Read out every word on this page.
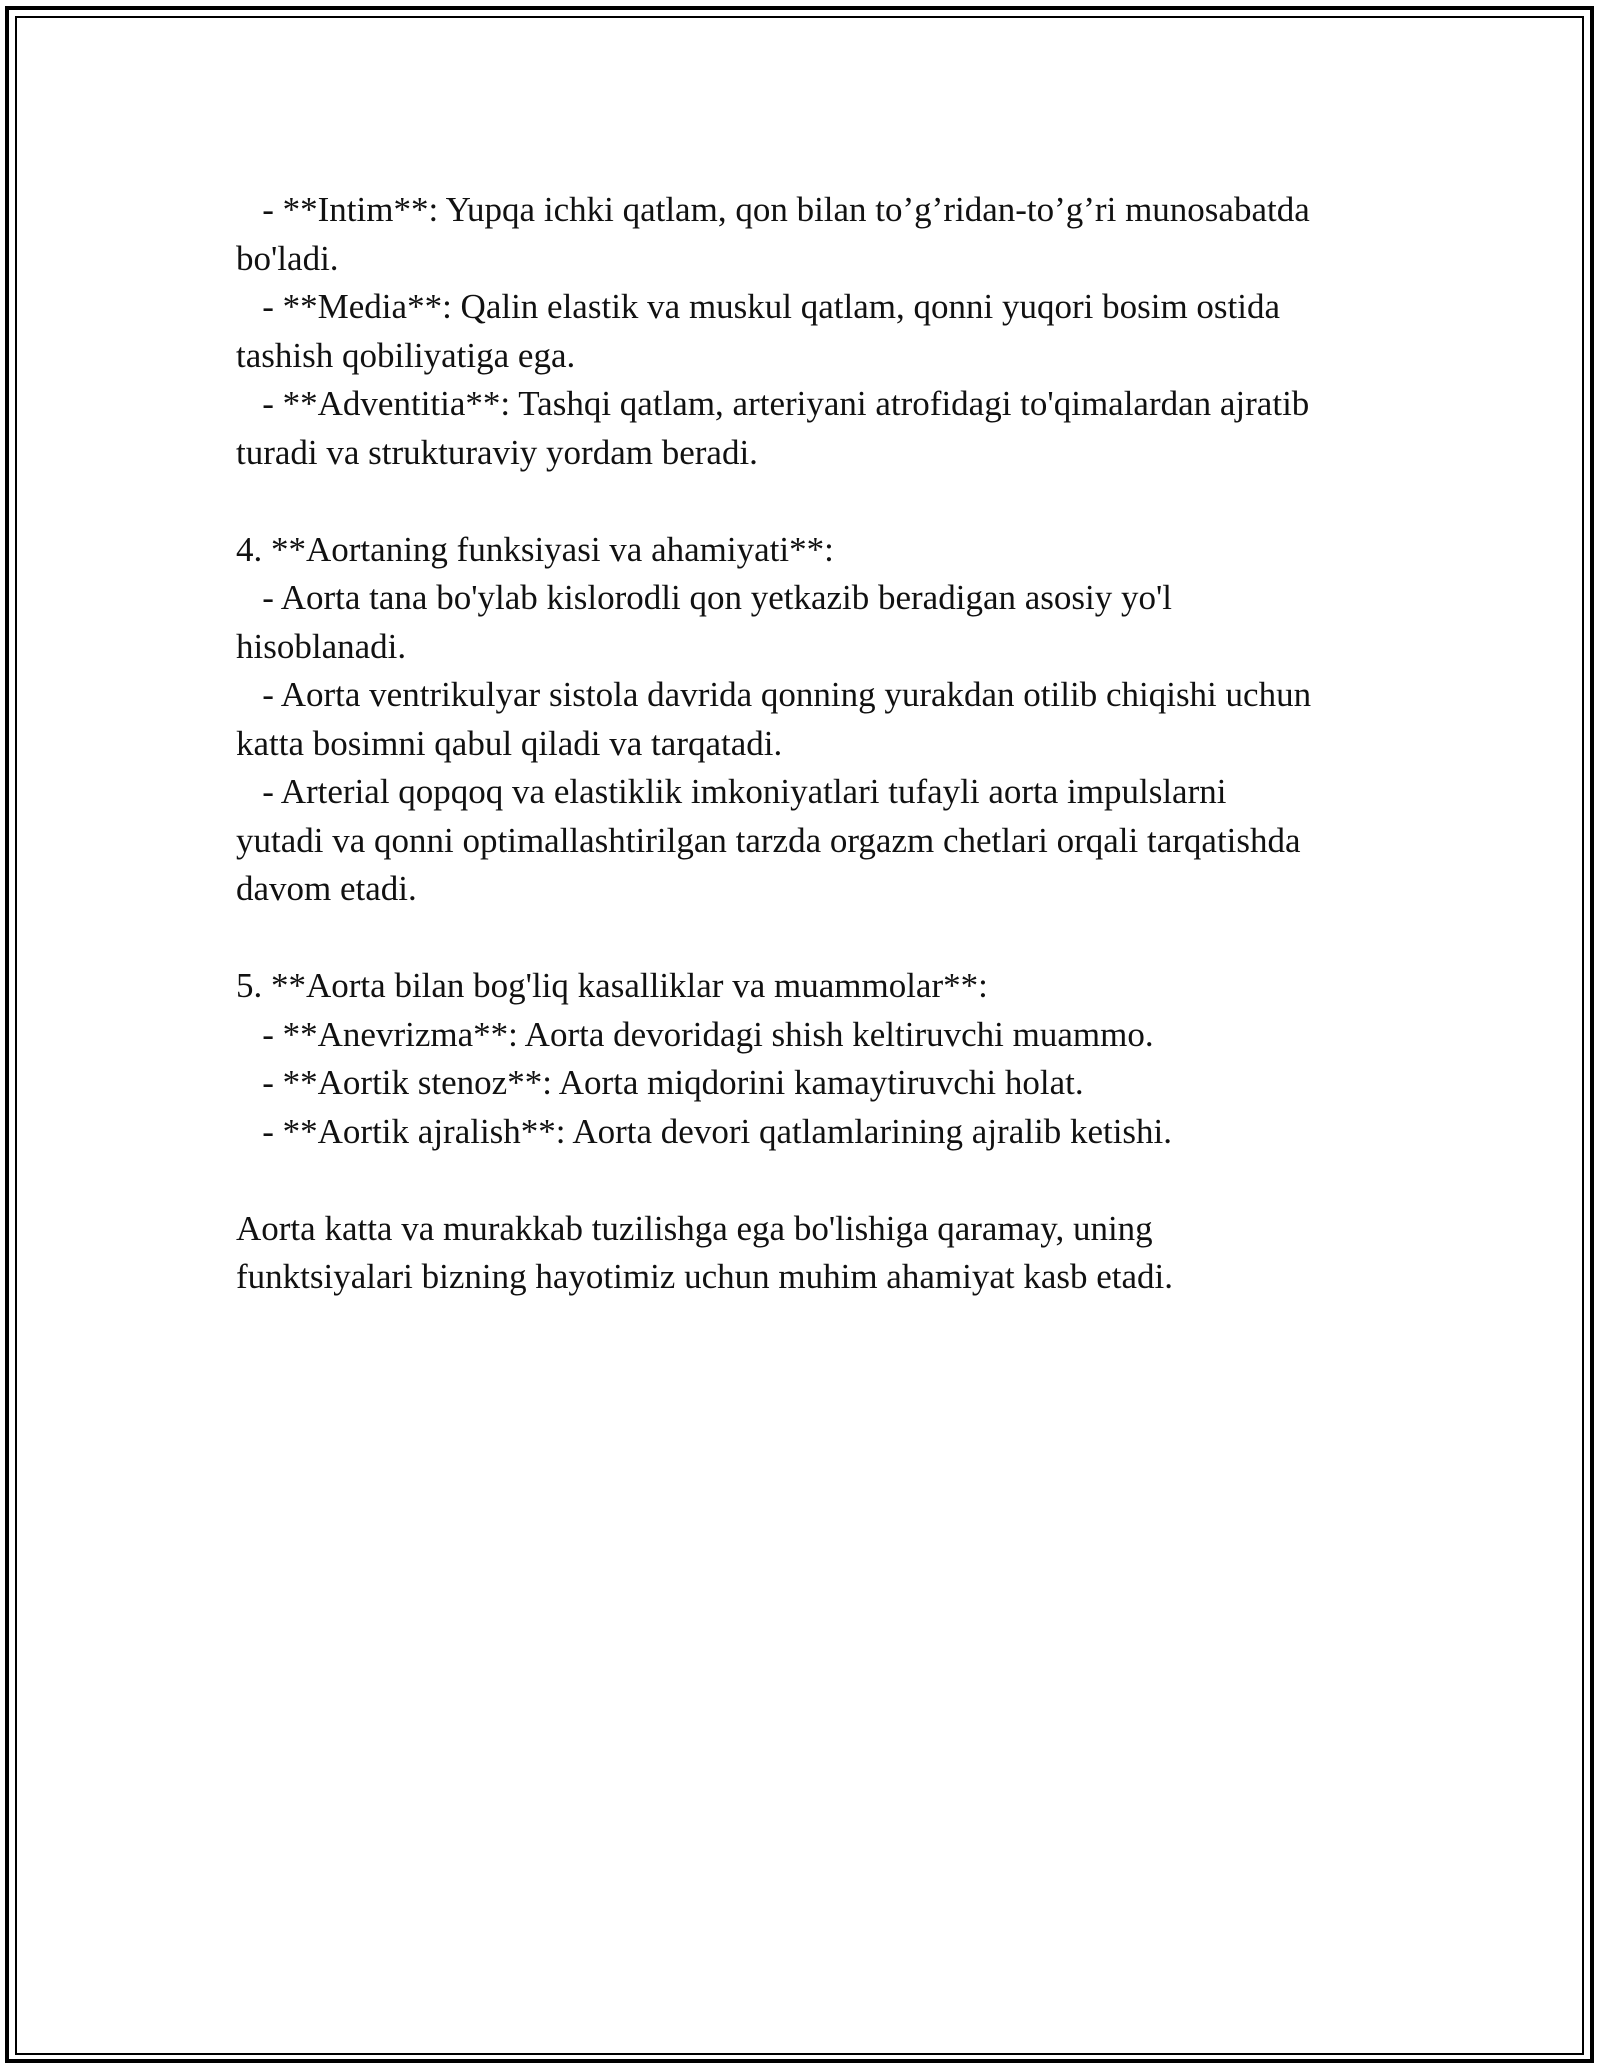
- **Intim**: Yupqa ichki qatlam, qon bilan to’g’ridan-to’g’ri munosabatda
bo'ladi.
- **Media**: Qalin elastik va muskul qatlam, qonni yuqori bosim ostida
tashish qobiliyatiga ega.
- **Adventitia**: Tashqi qatlam, arteriyani atrofidagi to'qimalardan ajratib
turadi va strukturaviy yordam beradi.
4. **Aortaning funksiyasi va ahamiyati**:
- Aorta tana bo'ylab kislorodli qon yetkazib beradigan asosiy yo'l
hisoblanadi.
- Aorta ventrikulyar sistola davrida qonning yurakdan otilib chiqishi uchun
katta bosimni qabul qiladi va tarqatadi.
- Arterial qopqoq va elastiklik imkoniyatlari tufayli aorta impulslarni
yutadi va qonni optimallashtirilgan tarzda orgazm chetlari orqali tarqatishda
davom etadi.
5. **Aorta bilan bog'liq kasalliklar va muammolar**:
- **Anevrizma**: Aorta devoridagi shish keltiruvchi muammo.
- **Aortik stenoz**: Aorta miqdorini kamaytiruvchi holat.
- **Aortik ajralish**: Aorta devori qatlamlarining ajralib ketishi.
Aorta katta va murakkab tuzilishga ega bo'lishiga qaramay, uning
funktsiyalari bizning hayotimiz uchun muhim ahamiyat kasb etadi.
